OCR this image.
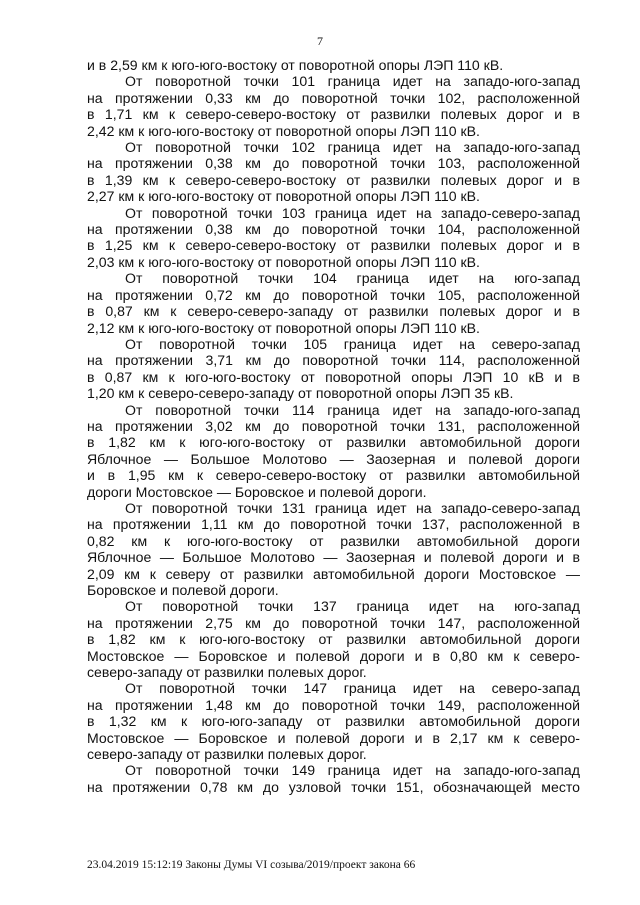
7
и в 2,59 км к юго-юго-востоку от поворотной опоры ЛЭП 110 кВ.
От поворотной точки 101 граница идет на западо-юго-запад
на протяжении 0,33 км до поворотной точки 102, расположенной
в 1,71 км к северо-северо-востоку от развилки полевых дорог и в
2,42 км к юго-юго-востоку от поворотной опоры ЛЭП 110 кВ.
От поворотной точки 102 граница идет на западо-юго-запад
на протяжении 0,38 км до поворотной точки 103, расположенной
в 1,39 км к северо-северо-востоку от развилки полевых дорог и в
2,27 км к юго-юго-востоку от поворотной опоры ЛЭП 110 кВ.
От поворотной точки 103 граница идет на западо-северо-запад
на протяжении 0,38 км до поворотной точки 104, расположенной
в 1,25 км к северо-северо-востоку от развилки полевых дорог и в
2,03 км к юго-юго-востоку от поворотной опоры ЛЭП 110 кВ.
От поворотной точки 104 граница идет на юго-запад
на протяжении 0,72 км до поворотной точки 105, расположенной
в 0,87 км к северо-северо-западу от развилки полевых дорог и в
2,12 км к юго-юго-востоку от поворотной опоры ЛЭП 110 кВ.
От поворотной точки 105 граница идет на северо-запад
на протяжении 3,71 км до поворотной точки 114, расположенной
в 0,87 км к юго-юго-востоку от поворотной опоры ЛЭП 10 кВ и в
1,20 км к северо-северо-западу от поворотной опоры ЛЭП 35 кВ.
От поворотной точки 114 граница идет на западо-юго-запад
на протяжении 3,02 км до поворотной точки 131, расположенной
в 1,82 км к юго-юго-востоку от развилки автомобильной дороги
Яблочное — Большое Молотово — Заозерная и полевой дороги
и в 1,95 км к северо-северо-востоку от развилки автомобильной
дороги Мостовское — Боровское и полевой дороги.
От поворотной точки 131 граница идет на западо-северо-запад
на протяжении 1,11 км до поворотной точки 137, расположенной в
0,82 км к юго-юго-востоку от развилки автомобильной дороги
Яблочное — Большое Молотово — Заозерная и полевой дороги и в
2,09 км к северу от развилки автомобильной дороги Мостовское —
Боровское и полевой дороги.
От поворотной точки 137 граница идет на юго-запад
на протяжении 2,75 км до поворотной точки 147, расположенной
в 1,82 км к юго-юго-востоку от развилки автомобильной дороги
Мостовское — Боровское и полевой дороги и в 0,80 км к северо-
северо-западу от развилки полевых дорог.
От поворотной точки 147 граница идет на северо-запад
на протяжении 1,48 км до поворотной точки 149, расположенной
в 1,32 км к юго-юго-западу от развилки автомобильной дороги
Мостовское — Боровское и полевой дороги и в 2,17 км к северо-
северо-западу от развилки полевых дорог.
От поворотной точки 149 граница идет на западо-юго-запад
на протяжении 0,78 км до узловой точки 151, обозначающей место
23.04.2019 15:12:19 Законы Думы VI созыва/2019/проект закона 66
